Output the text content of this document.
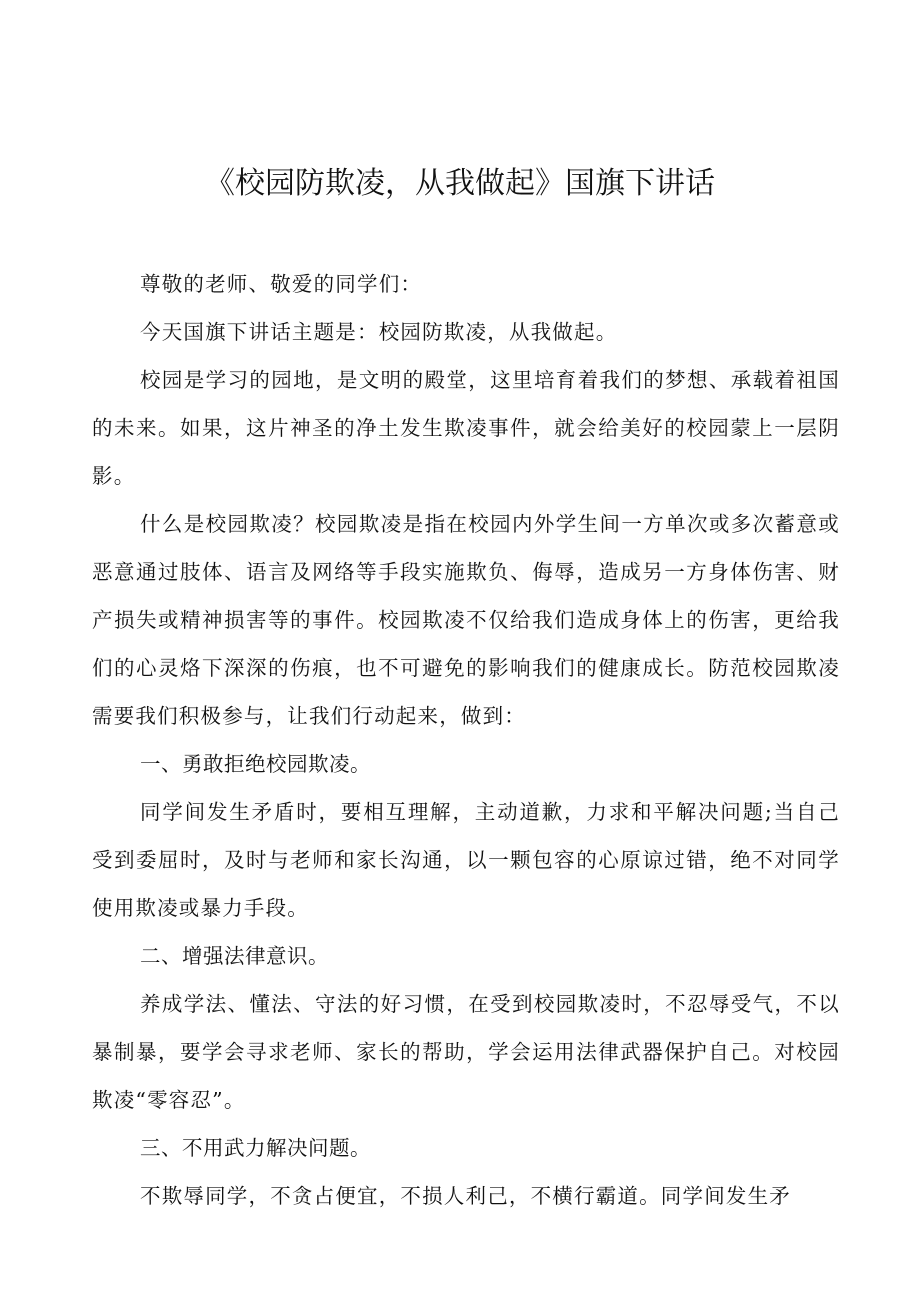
《校园防欺凌，从我做起》国旗下讲话

尊敬的老师、敬爱的同学们：

今天国旗下讲话主题是：校园防欺凌，从我做起。

校园是学习的园地，是文明的殿堂，这里培育着我们的梦想、承载着祖国的未来。如果，这片神圣的净土发生欺凌事件，就会给美好的校园蒙上一层阴影。

什么是校园欺凌？校园欺凌是指在校园内外学生间一方单次或多次蓄意或恶意通过肢体、语言及网络等手段实施欺负、侮辱，造成另一方身体伤害、财产损失或精神损害等的事件。校园欺凌不仅给我们造成身体上的伤害，更给我们的心灵烙下深深的伤痕，也不可避免的影响我们的健康成长。防范校园欺凌需要我们积极参与，让我们行动起来，做到：

一、勇敢拒绝校园欺凌。

同学间发生矛盾时，要相互理解，主动道歉，力求和平解决问题;当自己受到委屈时，及时与老师和家长沟通，以一颗包容的心原谅过错，绝不对同学使用欺凌或暴力手段。

二、增强法律意识。

养成学法、懂法、守法的好习惯，在受到校园欺凌时，不忍辱受气，不以暴制暴，要学会寻求老师、家长的帮助，学会运用法律武器保护自己。对校园欺凌“零容忍”。

三、不用武力解决问题。

不欺辱同学，不贪占便宜，不损人利己，不横行霸道。同学间发生矛
